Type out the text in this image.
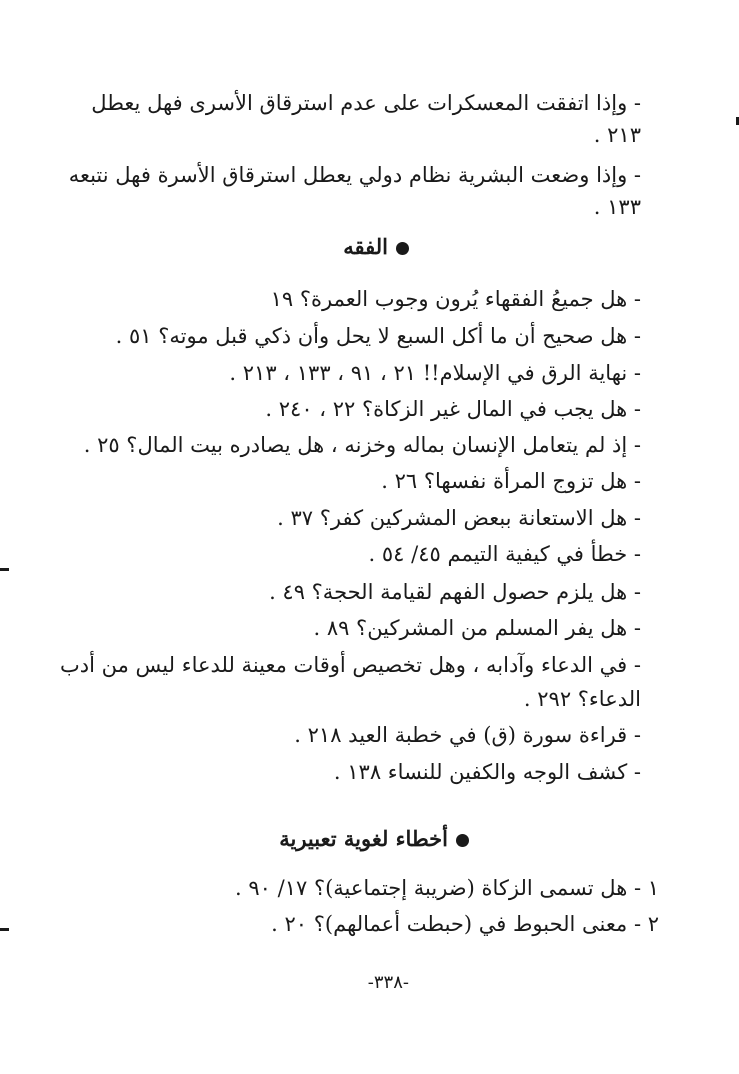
- وإذا اتفقت المعسكرات على عدم استرقاق الأسرى فهل يعطل
٢١٣ .
- وإذا وضعت البشرية نظام دولي يعطل استرقاق الأسرة فهل نتبعه
١٣٣ .
الفقه
- هل جميعُ الفقهاء يُرون وجوب العمرة؟ ١٩
- هل صحيح أن ما أكل السبع لا يحل وأن ذكي قبل موته؟ ٥١ .
- نهاية الرق في الإسلام!! ٢١ ، ٩١ ، ١٣٣ ، ٢١٣ .
- هل يجب في المال غير الزكاة؟ ٢٢ ، ٢٤٠ .
- إذ لم يتعامل الإنسان بماله وخزنه ، هل يصادره بيت المال؟ ٢٥ .
- هل تزوج المرأة نفسها؟ ٢٦ .
- هل الاستعانة ببعض المشركين كفر؟ ٣٧ .
- خطأ في كيفية التيمم ٤٥/ ٥٤ .
- هل يلزم حصول الفهم لقيامة الحجة؟ ٤٩ .
- هل يفر المسلم من المشركين؟ ٨٩ .
- في الدعاء وآدابه ، وهل تخصيص أوقات معينة للدعاء ليس من أدب
الدعاء؟ ٢٩٢ .
- قراءة سورة (ق) في خطبة العيد ٢١٨ .
- كشف الوجه والكفين للنساء ١٣٨ .
أخطاء لغوية تعبيرية
١ - هل تسمى الزكاة (ضريبة إجتماعية)؟ ١٧/ ٩٠ .
٢ - معنى الحبوط في (حبطت أعمالهم)؟ ٢٠ .
-٣٣٨-
